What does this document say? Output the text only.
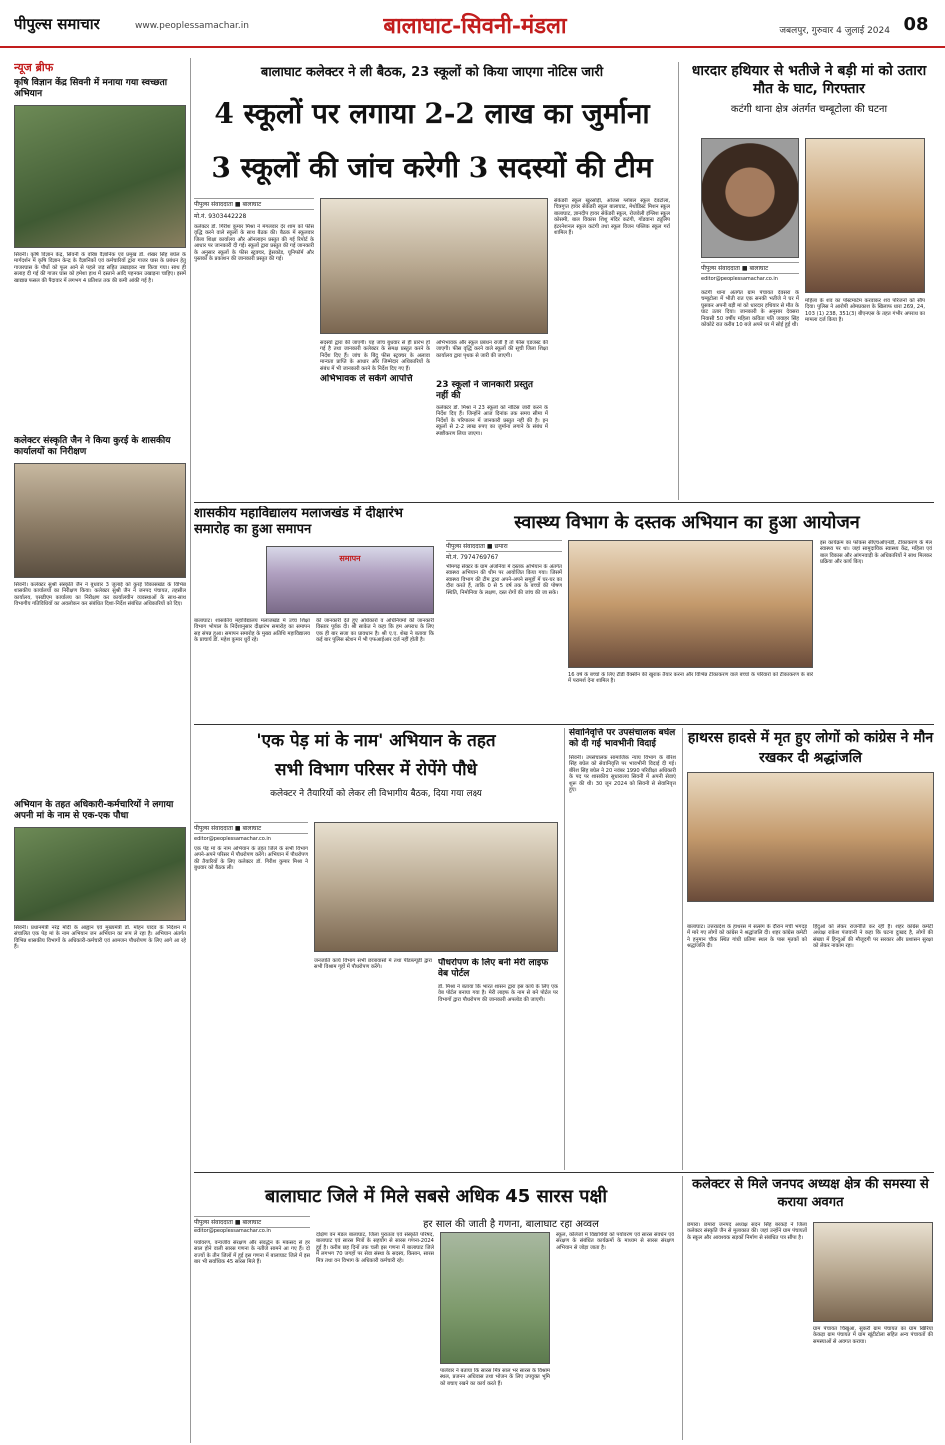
पीपुल्स समाचार	www.peoplessamachar.in	बालाघाट-सिवनी-मंडला	जबलपुर, गुरुवार 4 जुलाई 2024 08
न्यूज ब्रीफ
कृषि विज्ञान केंद्र सिवनी में मनाया गया स्वच्छता अभियान
सिवनी। कृषि विज्ञान केंद्र, सिवनी के वरिष्ठ वैज्ञानिक एवं प्रमुख डॉ. शेखर सिंह बघेल के मार्गदर्शन में कृषि विज्ञान केन्द्र के वैज्ञानिकों एवं कर्मचारियों द्वारा गाजर घास के प्रबंधन हेतु गाजरघास के पौधों को फूल आने से पहले जड़ सहित उखाड़कर नष्ट किया गया। साथ ही सलाह दी गई की गाजर घास को हमेशा हाथ में दस्ताने आदि पहनकर उखाड़ना चाहिए। इसमें खाद्यान्न फसल की पैदावार में लगभग 4 प्रतिशत तक की कमी आंकी गई है।
कलेक्टर संस्कृति जैन ने किया कुरई के शासकीय कार्यालयों का निरीक्षण
सिवनी। कलेक्टर सुश्री संस्कृति जैन ने बुधवार 3 जुलाई को कुरई विकासखंड के विभिन्न शासकीय कार्यालयों का निरीक्षण किया। कलेक्टर सुश्री जैन ने जनपद पंचायत, तहसील कार्यालय, एसडीएम कार्यालय का निरीक्षण कर कार्यालयीन व्यवस्थाओं के साथ-साथ विभागीय गतिविधियों का अवलोकन कर संबंधित दिशा-निर्देश संबंधित अधिकारियों को दिए।
अभियान के तहत अधिकारी-कर्मचारियों ने लगाया अपनी मां के नाम से एक-एक पौधा
सिवनी। प्रधानमंत्री नरेंद्र मोदी के आह्वान एवं मुख्यमंत्री डॉ. मोहन यादव के निर्देशन में संचालित एक पेड़ मां के नाम अभियान जन अभियान का रूप ले रहा है। अभियान अंतर्गत विभिन्न शासकीय विभागों के अधिकारी-कर्मचारी एवं आमजन पौधरोपण के लिए आगे आ रहे हैं।
बालाघाट कलेक्टर ने ली बैठक, 23 स्कूलों को किया जाएगा नोटिस जारी
4 स्कूलों पर लगाया 2-2 लाख का जुर्माना
3 स्कूलों की जांच करेगी 3 सदस्यों की टीम
पीपुल्स संवाददाता ■ बालाघाट
मो.नं. 9303442228
कलेक्टर डॉ. गिरीश कुमार मिश्रा ने मंगलवार देर शाम को फीस वृद्धि करने वाले स्कूलों के साथ बैठक की। बैठक में स्कूलवार जिला शिक्षा कार्यालय और ऑनलाइन प्रस्तुत की गई रिपोर्ट के आधार पर जानकारी दी गई। स्कूलों द्वारा प्रस्तुत की गई जानकारी के अनुसार स्कूलों के फीस स्ट्रक्चर, ड्रेसकोड, यूनिफॉर्म और पुस्तकों के प्रकाशन की जानकारी प्रस्तुत की गई।
सदस्यों द्वारा की जाएगी। यह जांच बुधवार से ही प्रारंभ हो गई है तथा जानकारी कलेक्टर के समक्ष प्रस्तुत करने के निर्देश दिए हैं। जांच के बिंदु फीस स्ट्रक्चर के अलावा मान्यता प्राप्ति के आधार और जिम्मेदार अधिकारियों के संबंध में भी जानकारी करने के निर्देश दिए गए हैं।
अभिभावक और स्कूल प्रबंधन राजी है तो फीस एडजस्ट की जाएगी। फीस वृद्धि करने वाले स्कूलों की सूची जिला शिक्षा कार्यालय द्वारा पृथक से जारी की जाएगी।
अभिभावक ले सकेंगे आपत्ति
23 स्कूलों ने जानकारी प्रस्तुत नहीं की
कलेक्टर डॉ. मिश्रा ने 23 स्कूलों को नोटिस जारी करने के निर्देश दिए हैं। जिन्होंने आज दिनांक तक समय सीमा में निर्देशों के परिपालन में जानकारी प्रस्तुत नहीं की है। इन स्कूलों से 2-2 लाख रुपए का जुर्माना लगाने के संबंध में स्पष्टीकरण लिया जाएगा।
सेकेंडरी स्कूल खुरसोड़ी, ओजस ग्लोबल स्कूल देवटोला, चित्रगुप्त हायर सेकेंडरी स्कूल बालाघाट, मेथोडिस्ट मिशन स्कूल बालाघाट, ज्ञानदीप हायर सेकेंडरी स्कूल, रोजवेली इंग्लिश स्कूल कोसमी, बाल विकास शिशु मंदिर कटंगी, गोंडवाना ट्यूलिप इंटरनेशनल स्कूल कटंगी तथा स्कूल विजन पब्लिक स्कूल गर्रा शामिल हैं।
धारदार हथियार से भतीजे ने बड़ी मां को उतारा मौत के घाट, गिरफ्तार
कटंगी थाना क्षेत्र अंतर्गत चम्बूटोला की घटना
पीपुल्स संवाददाता ■ बालाघाट
editor@peoplessamachar.co.in
कटंगी थाना अंतर्गत ग्राम पंचायत देवसरा के चम्बूटोला में भीती रात एक सनकी भतीजे ने घर में घुसकर अपनी बड़ी मां को धारदार हथियार से मौत के घाट उतार दिया। जानकारी के अनुसार देवसरा निवासी 50 वर्षीय महिला कविता पति जवाहर सिंह कोकोटे रात करीब 10 बजे अपने घर में सोई हुई थी।
महिला के शव का पोस्टमार्टम करवाकर शव परिजनों को सौंप दिया। पुलिस ने आरोपी ओमप्रकाश के खिलाफ धारा 269, 24, 103 (1) 238, 351(3) बीएनएस के तहत गंभीर अपराध का मामला दर्ज किया है।
शासकीय महाविद्यालय मलाजखंड में दीक्षारंभ समारोह का हुआ समापन
समापन
बालाघाट। शासकीय महाविद्यालय मलाजखंड में उच्च शिक्षा विभाग भोपाल के निर्देशानुसार दीक्षारंभ समारोह का समापन सह संपन्न हुआ। समापन समारोह के मुख्य अतिथि महाविद्यालय के प्राचार्य डॉ. महेश कुमार धुर्वे रहे।
की जानकारी देते हुए अधिकारों व अधिनियमों की जानकारी विस्तार पूर्वक दी। श्री साकेत ने कहा कि हम अपराध के लिए एक ही बार सजा का प्रावधान है। श्री ए.ए. शेख ने बताया कि कई बार पुलिस स्टेशन में भी एफआईआर दर्ज नहीं होती है।
स्वास्थ्य विभाग के दस्तक अभियान का हुआ आयोजन
पीपुल्स संवाददाता ■ छपारा
मो.नं. 7974769767
भीमगढ़ सेक्टर के ग्राम अंजनिया में दस्तक अभियान के अंतर्गत स्वास्थ्य अभियान की थीम पर आयोजित किया गया। जिसमें स्वास्थ्य विभाग की टीम द्वारा अपने-अपने समूहों में घर-घर का दौरा करते हैं, ताकि 0 से 5 वर्ष तक के बच्चों की पोषण स्थिति, निमोनिया के लक्षण, दस्त रोगों की जांच की जा सके।
16 वर्ष के बच्चों के लिए टीडी वैक्सीन की खुराक तैयार करना और विभिन्न टीकाकरण वाले बच्चों के परिवारों को टीकाकरण के बारे में परामर्श देना शामिल है।
इस कार्यक्रम का फोकस सीएचओएनडी, टीकाकरण के मेल स्वास्थ्य पर था। जहां सामुदायिक स्वास्थ्य केंद्र, महिला एवं बाल विकास और आंगनवाड़ी के अधिकारियों ने साथ मिलकर प्रक्रिया और कार्य किए।
'एक पेड़ मां के नाम' अभियान के तहत
सभी विभाग परिसर में रोपेंगे पौधे
कलेक्टर ने तैयारियों को लेकर ली विभागीय बैठक, दिया गया लक्ष्य
पीपुल्स संवाददाता ■ बालाघाट
editor@peoplessamachar.co.in
एक पेड़ मां के नाम अभियान के तहत जिले के सभी विभाग अपने-अपने परिसर में पौधरोपण करेंगे। अभियान में पौधरोपण की तैयारियों के लिए कलेक्टर डॉ. गिरीश कुमार मिश्रा ने बुधवार को बैठक ली।
जनजाति कार्य विभाग सभी छात्रावासों में तथा पीडब्ल्यूडी द्वारा सभी विश्राम गृहों में पौधरोपण करेंगे।	पौधरोपण के लिए बनी मेरी लाइफ वेब पोर्टल
डॉ. मिश्रा ने बताया कि भारत शासन द्वारा इस कार्य के लिए एक वेब पोर्टल बनाया गया है। मेरी लाइफ के नाम से बने पोर्टल पर विभागों द्वारा पौधरोपण की जानकारी अपलोड की जाएगी।
सेवानिवृत्ति पर उपसंचालक बघेल को दी गई भावभीनी विदाई
सिवनी। उपसंचालक सामाजिक न्याय विभाग के बीरेश सिंह बघेल को सेवानिवृत्ति पर भावभीनी विदाई दी गई। बीरेश सिंह बघेल ने 20 नवंबर 1990 परिवीक्षा अधिकारी के पद पर शासकीय सुधारालय सिवनी में अपनी सेवाएं शुरू की थी। 30 जून 2024 को सिवनी से सेवानिवृत्त हुए।
हाथरस हादसे में मृत हुए लोगों को कांग्रेस ने मौन रखकर दी श्रद्धांजलि
बालाघाट। उत्तरप्रदेश के हाथरस में सत्संग के दौरान मची भगदड़ में मारे गए लोगों को कांग्रेस ने श्रद्धांजलि दी। शहर कांग्रेस कमेटी ने हनुमान चौक स्थित गांधी प्रतिमा स्थल के पास मृतकों को श्रद्धांजलि दी।
हिंदुओं को लेकर राजनीति कर रही है। शहर कांग्रेस कमेटी अध्यक्ष राकेश पंजवानी ने कहा कि घटना दुःखद है, लोगों की संख्या में हिन्दुओं की मौजूदगी पर सरकार और प्रशासन सुरक्षा को लेकर नाकाम रहा।
बालाघाट जिले में मिले सबसे अधिक 45 सारस पक्षी
पीपुल्स संवाददाता ■ बालाघाट
editor@peoplessamachar.co.in
हर साल की जाती है गणना, बालाघाट रहा अव्वल
पर्यावरण, वन्यजीव संरक्षण और संवर्द्धन के मकसद से हर साल होने वाली सारस गणना के नतीजे सामने आ गए हैं। दो राज्यों के तीन जिलों में हुई इस गणना में बालाघाट जिले में इस बार भी सर्वाधिक 45 सारस मिले हैं।
दक्षिण वन मंडल बालाघाट, जिला पुरातत्व एवं संस्कृति परिषद, बालाघाट एवं सारस मित्रों के सहयोग से सारस गणना-2024 हुई है। करीब छह दिनों तक चली इस गणना में बालाघाट जिले में लगभग 70 जगहों पर सेवा संस्था के सदस्य, किसान, सारस मित्र तथा वन विभाग के अधिकारी कर्मचारी रहे।
पालेवार ने बताया कि सारस मित्र साल भर सारस के विश्राम स्थल, प्रजनन अधिवास तथा भोजन के लिए उपयुक्त भूमि को बचाए रखने का कार्य करते हैं।
स्कूल, कॉलेजों में विद्यार्थियों को पर्यावरण एवं सारस संवर्धन एवं संरक्षण के संबंधित कार्यक्रमों के माध्यम से सारस संरक्षण अभियान से जोड़ा जाता है।
कलेक्टर से मिले जनपद अध्यक्ष क्षेत्र की समस्या से कराया अवगत
छपारा। छपारा जनपद अध्यक्ष सदन सिंह बरकड़े ने जिला कलेक्टर संस्कृति जैन से मुलाकात की। जहां उन्होंने ग्राम पंचायतों के स्कूल और आवश्यक सड़कों निर्माण से संबंधित पत्र सौंपा है।
ग्राम पंचायत चिखुआ, सुकरी ग्राम पंचायत का ग्राम खिरिया केकड़ा ग्राम पंचायत में ग्राम खूंटीटोला सहित अन्य पंचायतों की समस्याओं से अवगत कराया।
